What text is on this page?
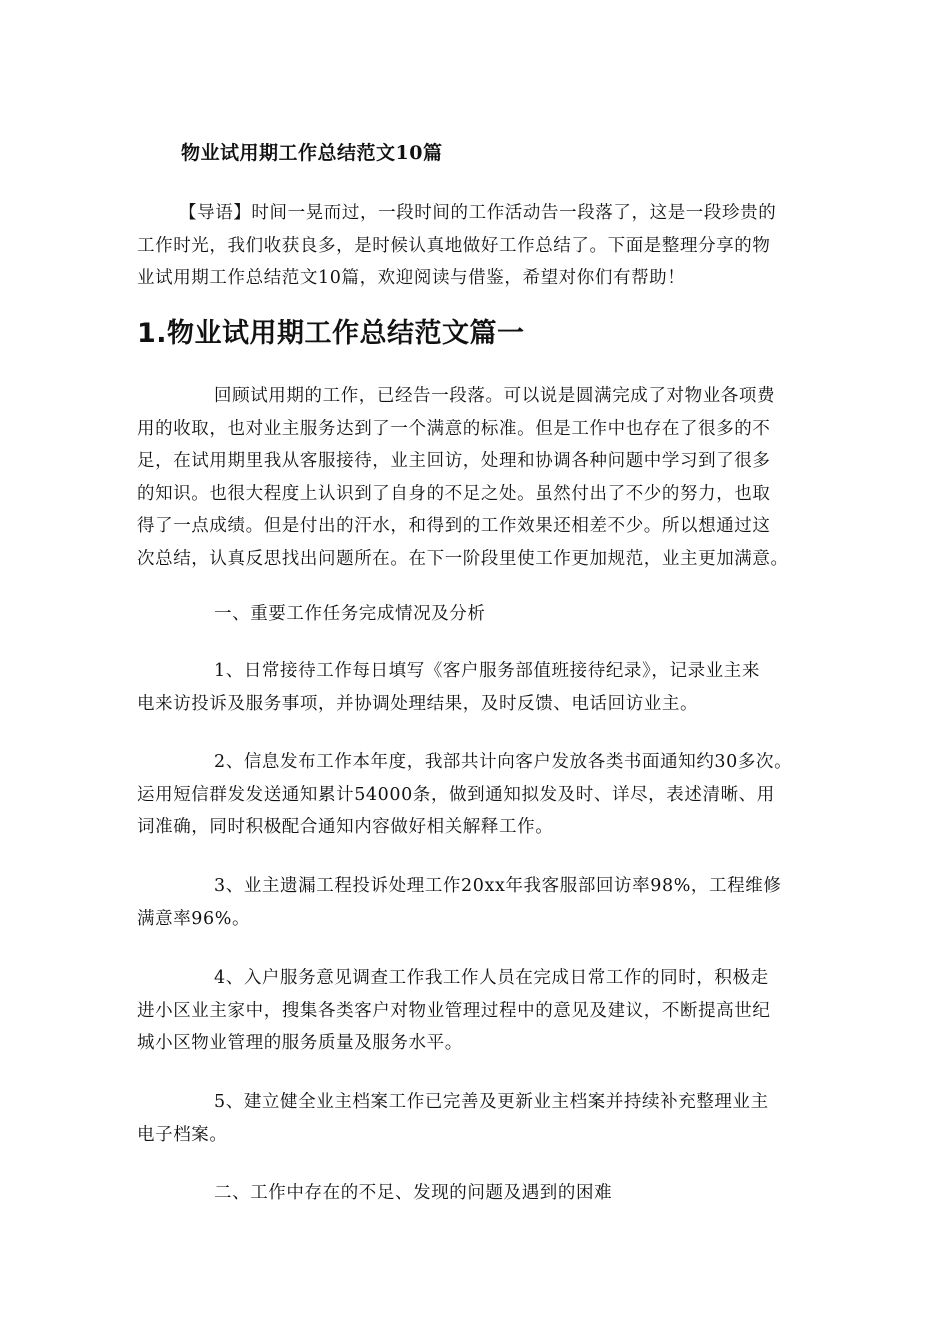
物业试用期工作总结范文10篇

【导语】时间一晃而过，一段时间的工作活动告一段落了，这是一段珍贵的
工作时光，我们收获良多，是时候认真地做好工作总结了。下面是整理分享的物
业试用期工作总结范文10篇，欢迎阅读与借鉴，希望对你们有帮助！

1.物业试用期工作总结范文篇一

回顾试用期的工作，已经告一段落。可以说是圆满完成了对物业各项费
用的收取，也对业主服务达到了一个满意的标准。但是工作中也存在了很多的不
足，在试用期里我从客服接待，业主回访，处理和协调各种问题中学习到了很多
的知识。也很大程度上认识到了自身的不足之处。虽然付出了不少的努力，也取
得了一点成绩。但是付出的汗水，和得到的工作效果还相差不少。所以想通过这
次总结，认真反思找出问题所在。在下一阶段里使工作更加规范，业主更加满意。

一、重要工作任务完成情况及分析

1、日常接待工作每日填写《客户服务部值班接待纪录》，记录业主来
电来访投诉及服务事项，并协调处理结果，及时反馈、电话回访业主。

2、信息发布工作本年度，我部共计向客户发放各类书面通知约30多次。
运用短信群发发送通知累计54000条，做到通知拟发及时、详尽，表述清晰、用
词准确，同时积极配合通知内容做好相关解释工作。

3、业主遗漏工程投诉处理工作20xx年我客服部回访率98%，工程维修
满意率96%。

4、入户服务意见调查工作我工作人员在完成日常工作的同时，积极走
进小区业主家中，搜集各类客户对物业管理过程中的意见及建议，不断提高世纪
城小区物业管理的服务质量及服务水平。

5、建立健全业主档案工作已完善及更新业主档案并持续补充整理业主
电子档案。

二、工作中存在的不足、发现的问题及遇到的困难
